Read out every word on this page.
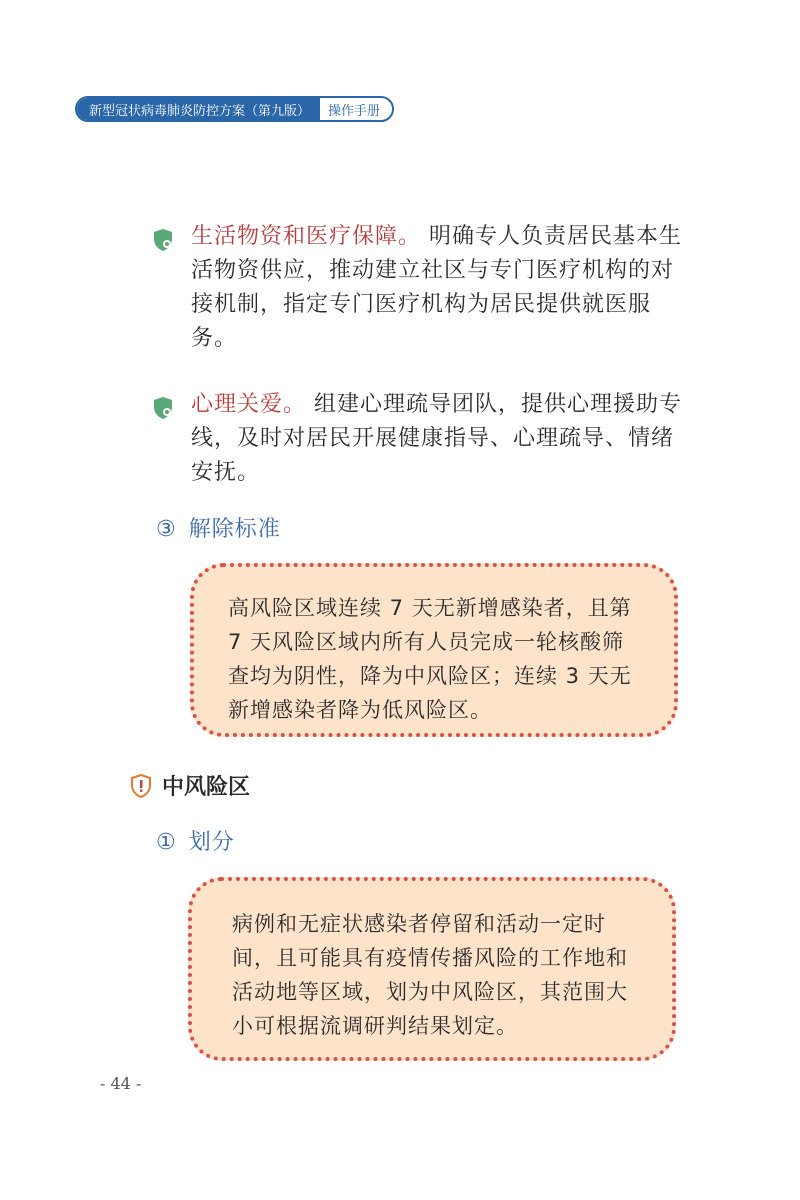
新型冠状病毒肺炎防控方案（第九版）	操作手册
生活物资和医疗保障。 明确专人负责居民基本生活物资供应，推动建立社区与专门医疗机构的对接机制，指定专门医疗机构为居民提供就医服务。
心理关爱。 组建心理疏导团队，提供心理援助专线，及时对居民开展健康指导、心理疏导、情绪安抚。
③ 解除标准
高风险区域连续 7 天无新增感染者，且第 7 天风险区域内所有人员完成一轮核酸筛查均为阴性，降为中风险区；连续 3 天无新增感染者降为低风险区。
中风险区
① 划分
病例和无症状感染者停留和活动一定时间，且可能具有疫情传播风险的工作地和活动地等区域，划为中风险区，其范围大小可根据流调研判结果划定。
- 44 -
